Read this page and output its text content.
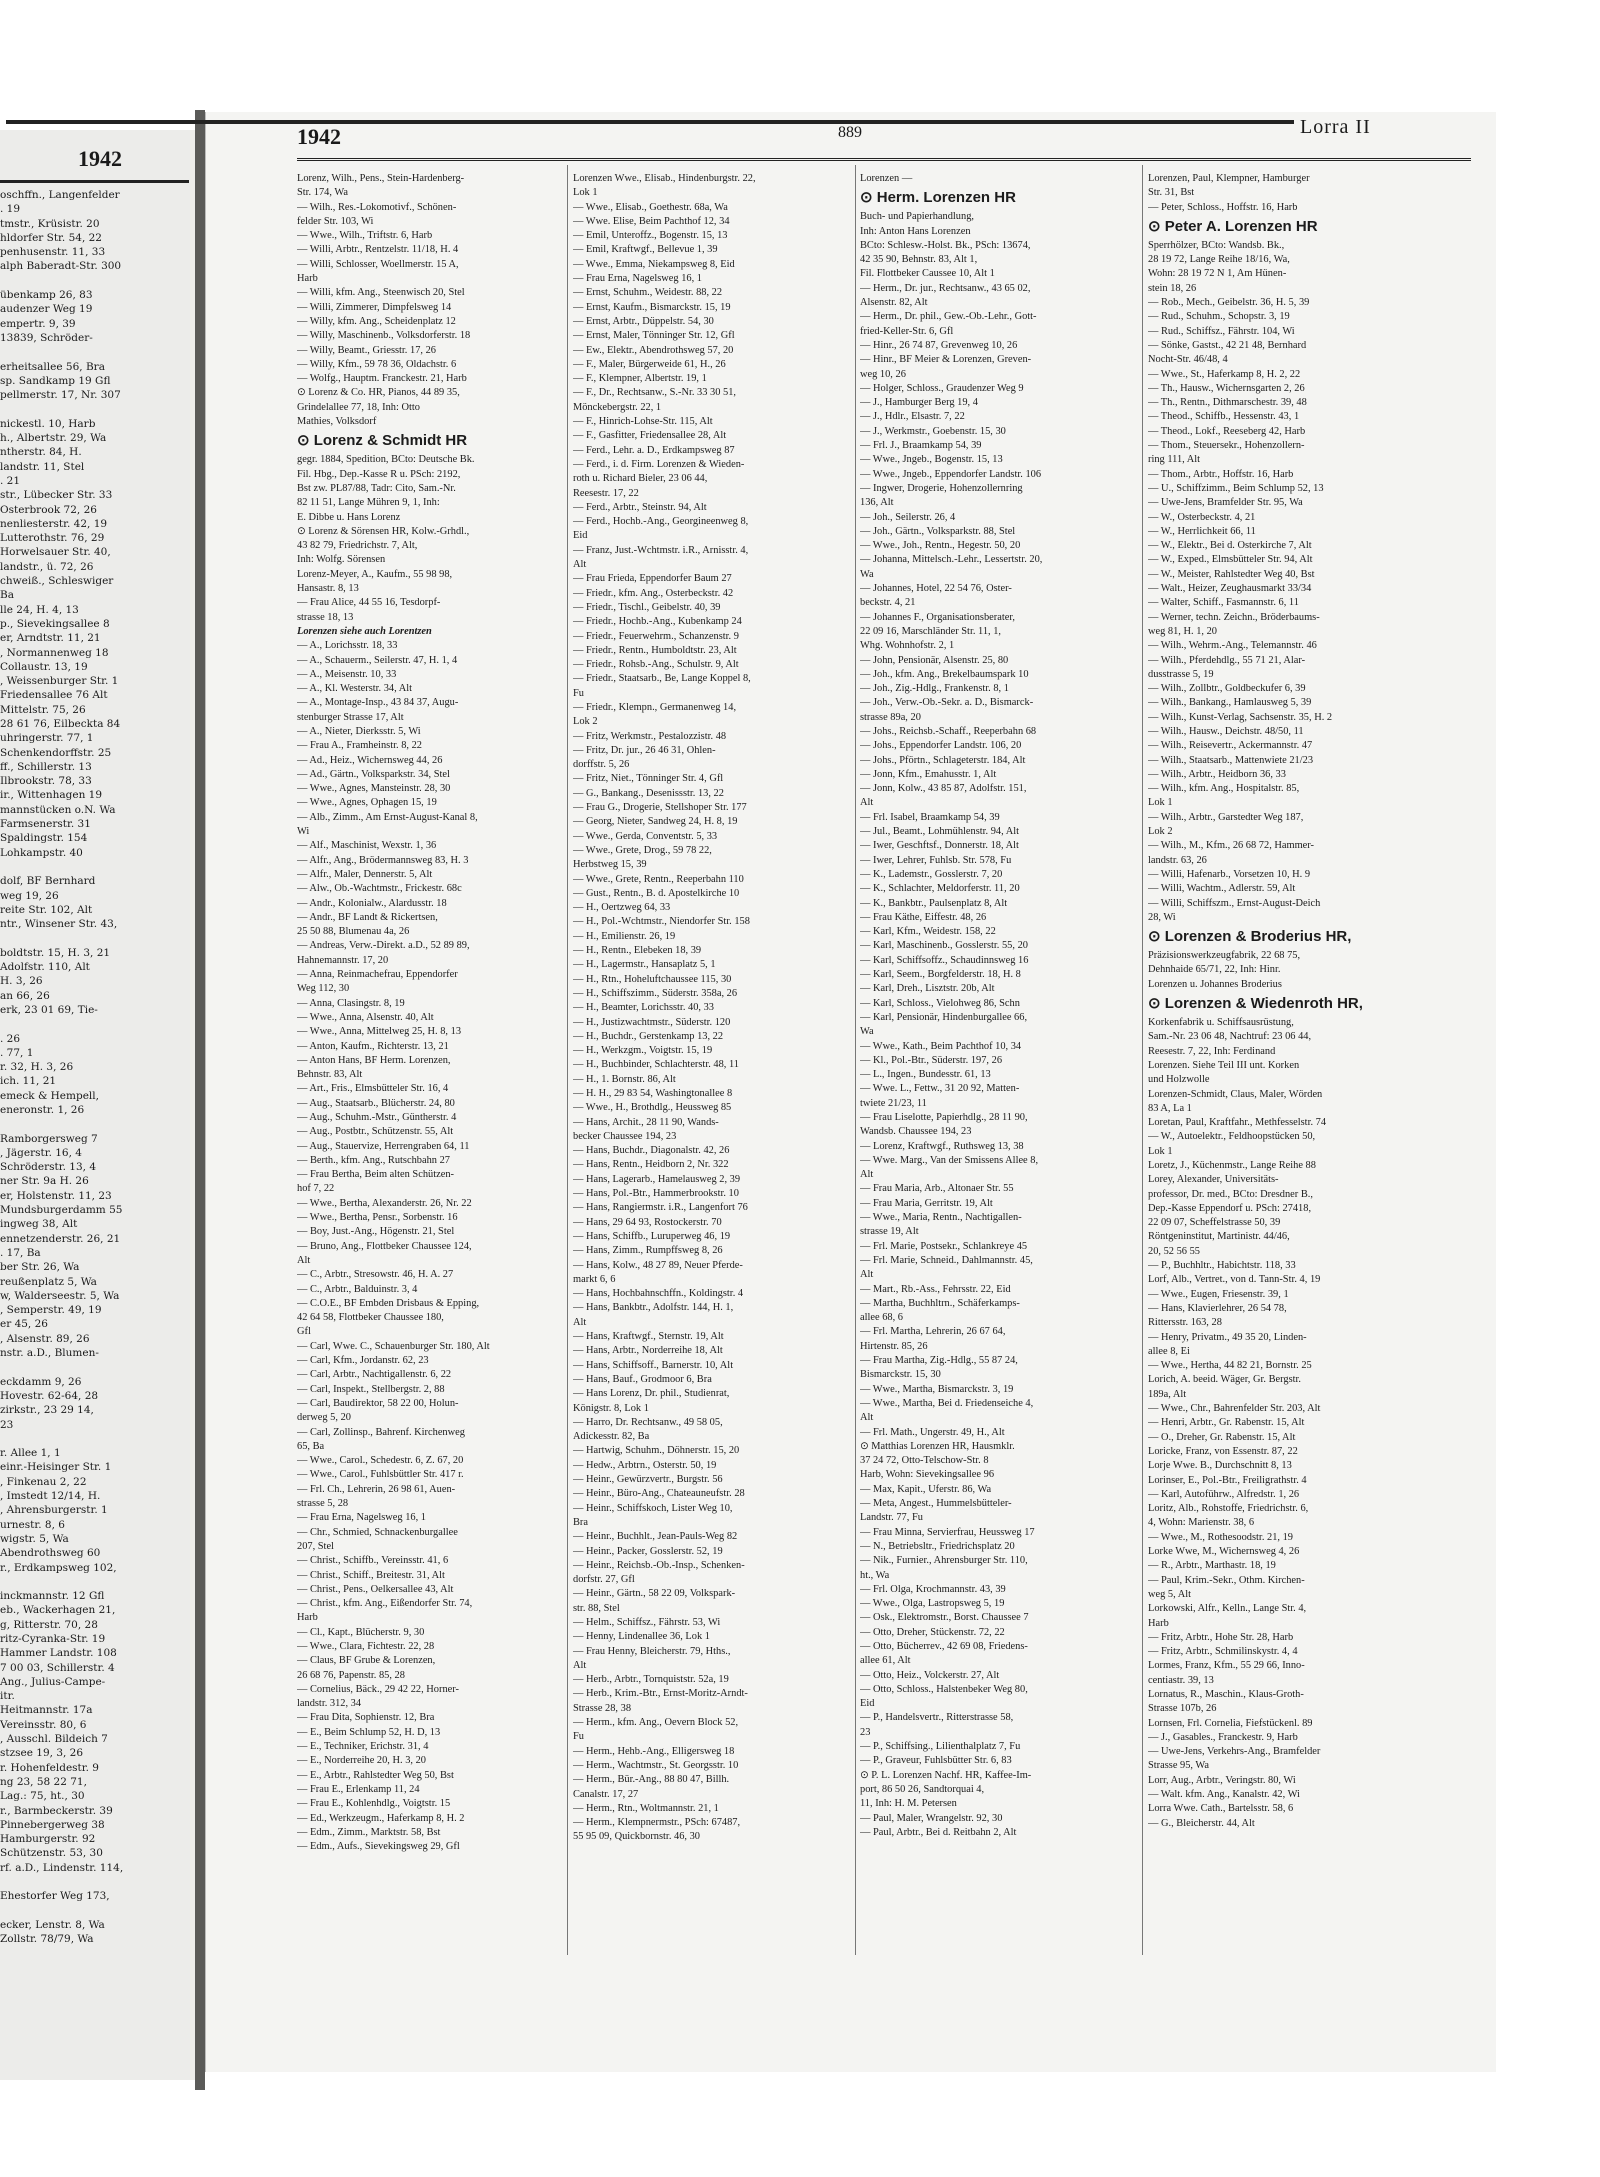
1942
oschffn., Langenfelder
. 19
tmstr., Krüsistr. 20
hldorfer Str. 54, 22
penhusenstr. 11, 33
alph Baberadt-Str. 300
übenkamp 26, 83
audenzer Weg 19
empertr. 9, 39
13839, Schröder-
erheitsallee 56, Bra
sp. Sandkamp 19 Gfl
pellmerstr. 17, Nr. 307
nickestl. 10, Harb
h., Albertstr. 29, Wa
ntherstr. 84, H.
landstr. 11, Stel
. 21
str., Lübecker Str. 33
Osterbrook 72, 26
nenliesterstr. 42, 19
Lutterothstr. 76, 29
Horwelsauer Str. 40,
landstr., ü. 72, 26
chweiß., Schleswiger
Ba
lle 24, H. 4, 13
p., Sievekingsallee 8
er, Arndtstr. 11, 21
, Normannenweg 18
Collaustr. 13, 19
, Weissenburger Str. 1
Friedensallee 76 Alt
Mittelstr. 75, 26
28 61 76, Eilbeckta 84
uhringerstr. 77, 1
Schenkendorffstr. 25
ff., Schillerstr. 13
Ilbrookstr. 78, 33
ir., Wittenhagen 19
mannstücken o.N. Wa
Farmsenerstr. 31
Spaldingstr. 154
Lohkampstr. 40
dolf, BF Bernhard
weg 19, 26
reite Str. 102, Alt
ntr., Winsener Str. 43,
boldtstr. 15, H. 3, 21
Adolfstr. 110, Alt
H. 3, 26
an 66, 26
erk, 23 01 69, Tie-
. 26
. 77, 1
r. 32, H. 3, 26
ich. 11, 21
emeck & Hempell,
eneronstr. 1, 26
Ramborgersweg 7
, Jägerstr. 16, 4
Schröderstr. 13, 4
ner Str. 9a H. 26
er, Holstenstr. 11, 23
Mundsburgerdamm 55
ingweg 38, Alt
ennetzenderstr. 26, 21
. 17, Ba
ber Str. 26, Wa
reußenplatz 5, Wa
w, Walderseestr. 5, Wa
, Semperstr. 49, 19
er 45, 26
, Alsenstr. 89, 26
nstr. a.D., Blumen-
eckdamm 9, 26
Hovestr. 62-64, 28
zirkstr., 23 29 14,
23
r. Allee 1, 1
einr.-Heisinger Str. 1
, Finkenau 2, 22
, Imstedt 12/14, H.
, Ahrensburgerstr. 1
urnestr. 8, 6
wigstr. 5, Wa
Abendrothsweg 60
r., Erdkampsweg 102,
inckmannstr. 12 Gfl
eb., Wackerhagen 21,
g, Ritterstr. 70, 28
ritz-Cyranka-Str. 19
Hammer Landstr. 108
7 00 03, Schillerstr. 4
Ang., Julius-Campe-
itr.
Heitmannstr. 17a
Vereinsstr. 80, 6
, Ausschl. Bildeich 7
stzsee 19, 3, 26
r. Hohenfeldestr. 9
ng 23, 58 22 71,
Lag.: 75, ht., 30
r., Barmbeckerstr. 39
Pinnebergerweg 38
Hamburgerstr. 92
Schützenstr. 53, 30
rf. a.D., Lindenstr. 114,
Ehestorfer Weg 173,
ecker, Lenstr. 8, Wa
Zollstr. 78/79, Wa
1942	889	Lorra II
Lorenz, Wilh., Pens., Stein-Hardenberg-
Str. 174, Wa
— Wilh., Res.-Lokomotivf., Schönen-
felder Str. 103, Wi
— Wwe., Wilh., Triftstr. 6, Harb
— Willi, Arbtr., Rentzelstr. 11/18, H. 4
— Willi, Schlosser, Woellmerstr. 15 A,
Harb
— Willi, kfm. Ang., Steenwisch 20, Stel
— Willi, Zimmerer, Dimpfelsweg 14
— Willy, kfm. Ang., Scheidenplatz 12
— Willy, Maschinenb., Volksdorferstr. 18
— Willy, Beamt., Griesstr. 17, 26
— Willy, Kfm., 59 78 36, Oldachstr. 6
— Wolfg., Hauptm. Franckestr. 21, Harb
⊙ Lorenz & Co. HR, Pianos, 44 89 35,
Grindelallee 77, 18, Inh: Otto
Mathies, Volksdorf
⊙ Lorenz & Schmidt HR
gegr. 1884, Spedition, BCto: Deutsche Bk.
Fil. Hbg., Dep.-Kasse R u. PSch: 2192,
Bst zw. PL87/88, Tadr: Cito, Sam.-Nr.
82 11 51, Lange Mühren 9, 1, Inh:
E. Dibbe u. Hans Lorenz
⊙ Lorenz & Sörensen HR, Kolw.-Grhdl.,
43 82 79, Friedrichstr. 7, Alt,
Inh: Wolfg. Sörensen
Lorenz-Meyer, A., Kaufm., 55 98 98,
Hansastr. 8, 13
— Frau Alice, 44 55 16, Tesdorpf-
strasse 18, 13
Lorenzen siehe auch Lorentzen
— A., Lorichsstr. 18, 33
— A., Schauerm., Seilerstr. 47, H. 1, 4
— A., Meisenstr. 10, 33
— A., Kl. Westerstr. 34, Alt
— A., Montage-Insp., 43 84 37, Augu-
stenburger Strasse 17, Alt
— A., Nieter, Dierksstr. 5, Wi
— Frau A., Framheinstr. 8, 22
— Ad., Heiz., Wichernsweg 44, 26
— Ad., Gärtn., Volksparkstr. 34, Stel
— Wwe., Agnes, Mansteinstr. 28, 30
— Wwe., Agnes, Ophagen 15, 19
— Alb., Zimm., Am Ernst-August-Kanal 8,
Wi
— Alf., Maschinist, Wexstr. 1, 36
— Alfr., Ang., Brödermannsweg 83, H. 3
— Alfr., Maler, Dennerstr. 5, Alt
— Alw., Ob.-Wachtmstr., Frickestr. 68c
— Andr., Kolonialw., Alardusstr. 18
— Andr., BF Landt & Rickertsen,
25 50 88, Blumenau 4a, 26
— Andreas, Verw.-Direkt. a.D., 52 89 89,
Hahnemannstr. 17, 20
— Anna, Reinmachefrau, Eppendorfer
Weg 112, 30
— Anna, Clasingstr. 8, 19
— Wwe., Anna, Alsenstr. 40, Alt
— Wwe., Anna, Mittelweg 25, H. 8, 13
— Anton, Kaufm., Richterstr. 13, 21
— Anton Hans, BF Herm. Lorenzen,
Behnstr. 83, Alt
— Art., Fris., Elmsbütteler Str. 16, 4
— Aug., Staatsarb., Blücherstr. 24, 80
— Aug., Schuhm.-Mstr., Güntherstr. 4
— Aug., Postbtr., Schützenstr. 55, Alt
— Aug., Stauervize, Herrengraben 64, 11
— Berth., kfm. Ang., Rutschbahn 27
— Frau Bertha, Beim alten Schützen-
hof 7, 22
— Wwe., Bertha, Alexanderstr. 26, Nr. 22
— Wwe., Bertha, Pensr., Sorbenstr. 16
— Boy, Just.-Ang., Högenstr. 21, Stel
— Bruno, Ang., Flottbeker Chaussee 124,
Alt
— C., Arbtr., Stresowstr. 46, H. A. 27
— C., Arbtr., Balduinstr. 3, 4
— C.O.E., BF Embden Drisbaus & Epping,
42 64 58, Flottbeker Chaussee 180,
Gfl
— Carl, Wwe. C., Schauenburger Str. 180, Alt
— Carl, Kfm., Jordanstr. 62, 23
— Carl, Arbtr., Nachtigallenstr. 6, 22
— Carl, Inspekt., Stellbergstr. 2, 88
— Carl, Baudirektor, 58 22 00, Holun-
derweg 5, 20
— Carl, Zollinsp., Bahrenf. Kirchenweg
65, Ba
— Wwe., Carol., Schedestr. 6, Z. 67, 20
— Wwe., Carol., Fuhlsbüttler Str. 417 r.
— Frl. Ch., Lehrerin, 26 98 61, Auen-
strasse 5, 28
— Frau Erna, Nagelsweg 16, 1
— Chr., Schmied, Schnackenburgallee
207, Stel
— Christ., Schiffb., Vereinsstr. 41, 6
— Christ., Schiff., Breitestr. 31, Alt
— Christ., Pens., Oelkersallee 43, Alt
— Christ., kfm. Ang., Eißendorfer Str. 74,
Harb
— Cl., Kapt., Blücherstr. 9, 30
— Wwe., Clara, Fichtestr. 22, 28
— Claus, BF Grube & Lorenzen,
26 68 76, Papenstr. 85, 28
— Cornelius, Bäck., 29 42 22, Horner-
landstr. 312, 34
— Frau Dita, Sophienstr. 12, Bra
— E., Beim Schlump 52, H. D, 13
— E., Techniker, Erichstr. 31, 4
— E., Norderreihe 20, H. 3, 20
— E., Arbtr., Rahlstedter Weg 50, Bst
— Frau E., Erlenkamp 11, 24
— Frau E., Kohlenhdlg., Voigtstr. 15
— Ed., Werkzeugm., Haferkamp 8, H. 2
— Edm., Zimm., Marktstr. 58, Bst
— Edm., Aufs., Sievekingsweg 29, Gfl
Lorenzen Wwe., Elisab., Hindenburgstr. 22,
Lok 1
— Wwe., Elisab., Goethestr. 68a, Wa
— Wwe. Elise, Beim Pachthof 12, 34
— Emil, Unteroffz., Bogenstr. 15, 13
— Emil, Kraftwgf., Bellevue 1, 39
— Wwe., Emma, Niekampsweg 8, Eid
— Frau Erna, Nagelsweg 16, 1
— Ernst, Schuhm., Weidestr. 88, 22
— Ernst, Kaufm., Bismarckstr. 15, 19
— Ernst, Arbtr., Düppelstr. 54, 30
— Ernst, Maler, Tönninger Str. 12, Gfl
— Ew., Elektr., Abendrothsweg 57, 20
— F., Maler, Bürgerweide 61, H., 26
— F., Klempner, Albertstr. 19, 1
— F., Dr., Rechtsanw., S.-Nr. 33 30 51,
Mönckebergstr. 22, 1
— F., Hinrich-Lohse-Str. 115, Alt
— F., Gasfitter, Friedensallee 28, Alt
— Ferd., Lehr. a. D., Erdkampsweg 87
— Ferd., i. d. Firm. Lorenzen & Wieden-
roth u. Richard Bieler, 23 06 44,
Reesestr. 17, 22
— Ferd., Arbtr., Steinstr. 94, Alt
— Ferd., Hochb.-Ang., Georgineenweg 8,
Eid
— Franz, Just.-Wchtmstr. i.R., Arnisstr. 4,
Alt
— Frau Frieda, Eppendorfer Baum 27
— Friedr., kfm. Ang., Osterbeckstr. 42
— Friedr., Tischl., Geibelstr. 40, 39
— Friedr., Hochb.-Ang., Kubenkamp 24
— Friedr., Feuerwehrm., Schanzenstr. 9
— Friedr., Rentn., Humboldtstr. 23, Alt
— Friedr., Rohsb.-Ang., Schulstr. 9, Alt
— Friedr., Staatsarb., Be, Lange Koppel 8,
Fu
— Friedr., Klempn., Germanenweg 14,
Lok 2
— Fritz, Werkmstr., Pestalozzistr. 48
— Fritz, Dr. jur., 26 46 31, Ohlen-
dorffstr. 5, 26
— Fritz, Niet., Tönninger Str. 4, Gfl
— G., Bankang., Desenissstr. 13, 22
— Frau G., Drogerie, Stellshoper Str. 177
— Georg, Nieter, Sandweg 24, H. 8, 19
— Wwe., Gerda, Conventstr. 5, 33
— Wwe., Grete, Drog., 59 78 22,
Herbstweg 15, 39
— Wwe., Grete, Rentn., Reeperbahn 110
— Gust., Rentn., B. d. Apostelkirche 10
— H., Oertzweg 64, 33
— H., Pol.-Wchtmstr., Niendorfer Str. 158
— H., Emilienstr. 26, 19
— H., Rentn., Elebeken 18, 39
— H., Lagermstr., Hansaplatz 5, 1
— H., Rtn., Hoheluftchaussee 115, 30
— H., Schiffszimm., Süderstr. 358a, 26
— H., Beamter, Lorichsstr. 40, 33
— H., Justizwachtmstr., Süderstr. 120
— H., Buchdr., Gerstenkamp 13, 22
— H., Werkzgm., Voigtstr. 15, 19
— H., Buchbinder, Schlachterstr. 48, 11
— H., 1. Bornstr. 86, Alt
— H. H., 29 83 54, Washingtonallee 8
— Wwe., H., Brothdlg., Heussweg 85
— Hans, Archit., 28 11 90, Wands-
becker Chaussee 194, 23
— Hans, Buchdr., Diagonalstr. 42, 26
— Hans, Rentn., Heidborn 2, Nr. 322
— Hans, Lagerarb., Hamelausweg 2, 39
— Hans, Pol.-Btr., Hammerbrookstr. 10
— Hans, Rangiermstr. i.R., Langenfort 76
— Hans, 29 64 93, Rostockerstr. 70
— Hans, Schiffb., Luruperweg 46, 19
— Hans, Zimm., Rumpffsweg 8, 26
— Hans, Kolw., 48 27 89, Neuer Pferde-
markt 6, 6
— Hans, Hochbahnschffn., Koldingstr. 4
— Hans, Bankbtr., Adolfstr. 144, H. 1,
Alt
— Hans, Kraftwgf., Sternstr. 19, Alt
— Hans, Arbtr., Norderreihe 18, Alt
— Hans, Schiffsoff., Barnerstr. 10, Alt
— Hans, Bauf., Grodmoor 6, Bra
— Hans Lorenz, Dr. phil., Studienrat,
Königstr. 8, Lok 1
— Harro, Dr. Rechtsanw., 49 58 05,
Adickesstr. 82, Ba
— Hartwig, Schuhm., Döhnerstr. 15, 20
— Hedw., Arbtrn., Osterstr. 50, 19
— Heinr., Gewürzvertr., Burgstr. 56
— Heinr., Büro-Ang., Chateauneufstr. 28
— Heinr., Schiffskoch, Lister Weg 10,
Bra
— Heinr., Buchhlt., Jean-Pauls-Weg 82
— Heinr., Packer, Gosslerstr. 52, 19
— Heinr., Reichsb.-Ob.-Insp., Schenken-
dorfstr. 27, Gfl
— Heinr., Gärtn., 58 22 09, Volkspark-
str. 88, Stel
— Helm., Schiffsz., Fährstr. 53, Wi
— Henny, Lindenallee 36, Lok 1
— Frau Henny, Bleicherstr. 79, Hths.,
Alt
— Herb., Arbtr., Tornquiststr. 52a, 19
— Herb., Krim.-Btr., Ernst-Moritz-Arndt-
Strasse 28, 38
— Herm., kfm. Ang., Oevern Block 52,
Fu
— Herm., Hehb.-Ang., Elligersweg 18
— Herm., Wachtmstr., St. Georgsstr. 10
— Herm., Bür.-Ang., 88 80 47, Billh.
Canalstr. 17, 27
— Herm., Rtn., Woltmannstr. 21, 1
— Herm., Klempnermstr., PSch: 67487,
55 95 09, Quickbornstr. 46, 30
Lorenzen —
⊙ Herm. Lorenzen HR
Buch- und Papierhandlung,
Inh: Anton Hans Lorenzen
BCto: Schlesw.-Holst. Bk., PSch: 13674,
42 35 90, Behnstr. 83, Alt 1,
Fil. Flottbeker Caussee 10, Alt 1
— Herm., Dr. jur., Rechtsanw., 43 65 02,
Alsenstr. 82, Alt
— Herm., Dr. phil., Gew.-Ob.-Lehr., Gott-
fried-Keller-Str. 6, Gfl
— Hinr., 26 74 87, Grevenweg 10, 26
— Hinr., BF Meier & Lorenzen, Greven-
weg 10, 26
— Holger, Schloss., Graudenzer Weg 9
— J., Hamburger Berg 19, 4
— J., Hdlr., Elsastr. 7, 22
— J., Werkmstr., Goebenstr. 15, 30
— Frl. J., Braamkamp 54, 39
— Wwe., Jngeb., Bogenstr. 15, 13
— Wwe., Jngeb., Eppendorfer Landstr. 106
— Ingwer, Drogerie, Hohenzollernring
136, Alt
— Joh., Seilerstr. 26, 4
— Joh., Gärtn., Volksparkstr. 88, Stel
— Wwe., Joh., Rentn., Hegestr. 50, 20
— Johanna, Mittelsch.-Lehr., Lessertstr. 20,
Wa
— Johannes, Hotel, 22 54 76, Oster-
beckstr. 4, 21
— Johannes F., Organisationsberater,
22 09 16, Marschländer Str. 11, 1,
Whg. Wohnhofstr. 2, 1
— John, Pensionär, Alsenstr. 25, 80
— Joh., kfm. Ang., Brekelbaumspark 10
— Joh., Zig.-Hdlg., Frankenstr. 8, 1
— Joh., Verw.-Ob.-Sekr. a. D., Bismarck-
strasse 89a, 20
— Johs., Reichsb.-Schaff., Reeperbahn 68
— Johs., Eppendorfer Landstr. 106, 20
— Johs., Pförtn., Schlageterstr. 184, Alt
— Jonn, Kfm., Emahusstr. 1, Alt
— Jonn, Kolw., 43 85 87, Adolfstr. 151,
Alt
— Frl. Isabel, Braamkamp 54, 39
— Jul., Beamt., Lohmühlenstr. 94, Alt
— Iwer, Geschftsf., Donnerstr. 18, Alt
— Iwer, Lehrer, Fuhlsb. Str. 578, Fu
— K., Lademstr., Gosslerstr. 7, 20
— K., Schlachter, Meldorferstr. 11, 20
— K., Bankbtr., Paulsenplatz 8, Alt
— Frau Käthe, Eiffestr. 48, 26
— Karl, Kfm., Weidestr. 158, 22
— Karl, Maschinenb., Gosslerstr. 55, 20
— Karl, Schiffsoffz., Schaudinnsweg 16
— Karl, Seem., Borgfelderstr. 18, H. 8
— Karl, Dreh., Lisztstr. 20b, Alt
— Karl, Schloss., Vielohweg 86, Schn
— Karl, Pensionär, Hindenburgallee 66,
Wa
— Wwe., Kath., Beim Pachthof 10, 34
— Kl., Pol.-Btr., Süderstr. 197, 26
— L., Ingen., Bundesstr. 61, 13
— Wwe. L., Fettw., 31 20 92, Matten-
twiete 21/23, 11
— Frau Liselotte, Papierhdlg., 28 11 90,
Wandsb. Chaussee 194, 23
— Lorenz, Kraftwgf., Ruthsweg 13, 38
— Wwe. Marg., Van der Smissens Allee 8,
Alt
— Frau Maria, Arb., Altonaer Str. 55
— Frau Maria, Gerritstr. 19, Alt
— Wwe., Maria, Rentn., Nachtigallen-
strasse 19, Alt
— Frl. Marie, Postsekr., Schlankreye 45
— Frl. Marie, Schneid., Dahlmannstr. 45,
Alt
— Mart., Rb.-Ass., Fehrsstr. 22, Eid
— Martha, Buchhltrn., Schäferkamps-
allee 68, 6
— Frl. Martha, Lehrerin, 26 67 64,
Hirtenstr. 85, 26
— Frau Martha, Zig.-Hdlg., 55 87 24,
Bismarckstr. 15, 30
— Wwe., Martha, Bismarckstr. 3, 19
— Wwe., Martha, Bei d. Friedenseiche 4,
Alt
— Frl. Math., Ungerstr. 49, H., Alt
⊙ Matthias Lorenzen HR, Hausmklr.
37 24 72, Otto-Telschow-Str. 8
Harb, Wohn: Sievekingsallee 96
— Max, Kapit., Uferstr. 86, Wa
— Meta, Angest., Hummelsbütteler-
Landstr. 77, Fu
— Frau Minna, Servierfrau, Heussweg 17
— N., Betriebsltr., Friedrichsplatz 20
— Nik., Furnier., Ahrensburger Str. 110,
ht., Wa
— Frl. Olga, Krochmannstr. 43, 39
— Wwe., Olga, Lastropsweg 5, 19
— Osk., Elektromstr., Borst. Chaussee 7
— Otto, Dreher, Stückenstr. 72, 22
— Otto, Bücherrev., 42 69 08, Friedens-
allee 61, Alt
— Otto, Heiz., Volckerstr. 27, Alt
— Otto, Schloss., Halstenbeker Weg 80,
Eid
— P., Handelsvertr., Ritterstrasse 58,
23
— P., Schiffsing., Lilienthalplatz 7, Fu
— P., Graveur, Fuhlsbütter Str. 6, 83
⊙ P. L. Lorenzen Nachf. HR, Kaffee-Im-
port, 86 50 26, Sandtorquai 4,
11, Inh: H. M. Petersen
— Paul, Maler, Wrangelstr. 92, 30
— Paul, Arbtr., Bei d. Reitbahn 2, Alt
Lorenzen, Paul, Klempner, Hamburger
Str. 31, Bst
— Peter, Schloss., Hoffstr. 16, Harb
⊙ Peter A. Lorenzen HR
Sperrhölzer, BCto: Wandsb. Bk.,
28 19 72, Lange Reihe 18/16, Wa,
Wohn: 28 19 72 N 1, Am Hünen-
stein 18, 26
— Rob., Mech., Geibelstr. 36, H. 5, 39
— Rud., Schuhm., Schopstr. 3, 19
— Rud., Schiffsz., Fährstr. 104, Wi
— Sönke, Gastst., 42 21 48, Bernhard
Nocht-Str. 46/48, 4
— Wwe., St., Haferkamp 8, H. 2, 22
— Th., Hausw., Wichernsgarten 2, 26
— Th., Rentn., Dithmarschestr. 39, 48
— Theod., Schiffb., Hessenstr. 43, 1
— Theod., Lokf., Reeseberg 42, Harb
— Thom., Steuersekr., Hohenzollern-
ring 111, Alt
— Thom., Arbtr., Hoffstr. 16, Harb
— U., Schiffzimm., Beim Schlump 52, 13
— Uwe-Jens, Bramfelder Str. 95, Wa
— W., Osterbeckstr. 4, 21
— W., Herrlichkeit 66, 11
— W., Elektr., Bei d. Osterkirche 7, Alt
— W., Exped., Elmsbütteler Str. 94, Alt
— W., Meister, Rahlstedter Weg 40, Bst
— Walt., Heizer, Zeughausmarkt 33/34
— Walter, Schiff., Fasmannstr. 6, 11
— Werner, techn. Zeichn., Bröderbaums-
weg 81, H. 1, 20
— Wilh., Wehrm.-Ang., Telemannstr. 46
— Wilh., Pferdehdlg., 55 71 21, Alar-
dusstrasse 5, 19
— Wilh., Zollbtr., Goldbeckufer 6, 39
— Wilh., Bankang., Hamlausweg 5, 39
— Wilh., Kunst-Verlag, Sachsenstr. 35, H. 2
— Wilh., Hausw., Deichstr. 48/50, 11
— Wilh., Reisevertr., Ackermannstr. 47
— Wilh., Staatsarb., Mattenwiete 21/23
— Wilh., Arbtr., Heidborn 36, 33
— Wilh., kfm. Ang., Hospitalstr. 85,
Lok 1
— Wilh., Arbtr., Garstedter Weg 187,
Lok 2
— Wilh., M., Kfm., 26 68 72, Hammer-
landstr. 63, 26
— Willi, Hafenarb., Vorsetzen 10, H. 9
— Willi, Wachtm., Adlerstr. 59, Alt
— Willi, Schiffszm., Ernst-August-Deich
28, Wi
⊙ Lorenzen & Broderius HR,
Präzisionswerkzeugfabrik, 22 68 75,
Dehnhaide 65/71, 22, Inh: Hinr.
Lorenzen u. Johannes Broderius
⊙ Lorenzen & Wiedenroth HR,
Korkenfabrik u. Schiffsausrüstung,
Sam.-Nr. 23 06 48, Nachtruf: 23 06 44,
Reesestr. 7, 22, Inh: Ferdinand
Lorenzen. Siehe Teil III unt. Korken
und Holzwolle
Lorenzen-Schmidt, Claus, Maler, Wörden
83 A, La 1
Loretan, Paul, Kraftfahr., Methfesselstr. 74
— W., Autoelektr., Feldhoopstücken 50,
Lok 1
Loretz, J., Küchenmstr., Lange Reihe 88
Lorey, Alexander, Universitäts-
professor, Dr. med., BCto: Dresdner B.,
Dep.-Kasse Eppendorf u. PSch: 27418,
22 09 07, Scheffelstrasse 50, 39
Röntgeninstitut, Martinistr. 44/46,
20, 52 56 55
— P., Buchhltr., Habichtstr. 118, 33
Lorf, Alb., Vertret., von d. Tann-Str. 4, 19
— Wwe., Eugen, Friesenstr. 39, 1
— Hans, Klavierlehrer, 26 54 78,
Rittersstr. 163, 28
— Henry, Privatm., 49 35 20, Linden-
allee 8, Ei
— Wwe., Hertha, 44 82 21, Bornstr. 25
Lorich, A. beeid. Wäger, Gr. Bergstr.
189a, Alt
— Wwe., Chr., Bahrenfelder Str. 203, Alt
— Henri, Arbtr., Gr. Rabenstr. 15, Alt
— O., Dreher, Gr. Rabenstr. 15, Alt
Loricke, Franz, von Essenstr. 87, 22
Lorje Wwe. B., Durchschnitt 8, 13
Lorinser, E., Pol.-Btr., Freiligrathstr. 4
— Karl, Autoführw., Alfredstr. 1, 26
Loritz, Alb., Rohstoffe, Friedrichstr. 6,
4, Wohn: Marienstr. 38, 6
— Wwe., M., Rothesoodstr. 21, 19
Lorke Wwe, M., Wichernsweg 4, 26
— R., Arbtr., Marthastr. 18, 19
— Paul, Krim.-Sekr., Othm. Kirchen-
weg 5, Alt
Lorkowski, Alfr., Kelln., Lange Str. 4,
Harb
— Fritz, Arbtr., Hohe Str. 28, Harb
— Fritz, Arbtr., Schmilinskystr. 4, 4
Lormes, Franz, Kfm., 55 29 66, Inno-
centiastr. 39, 13
Lornatus, R., Maschin., Klaus-Groth-
Strasse 107b, 26
Lornsen, Frl. Cornelia, Fiefstückenl. 89
— J., Gasables., Franckestr. 9, Harb
— Uwe-Jens, Verkehrs-Ang., Bramfelder
Strasse 95, Wa
Lorr, Aug., Arbtr., Veringstr. 80, Wi
— Walt. kfm. Ang., Kanalstr. 42, Wi
Lorra Wwe. Cath., Bartelsstr. 58, 6
— G., Bleicherstr. 44, Alt
